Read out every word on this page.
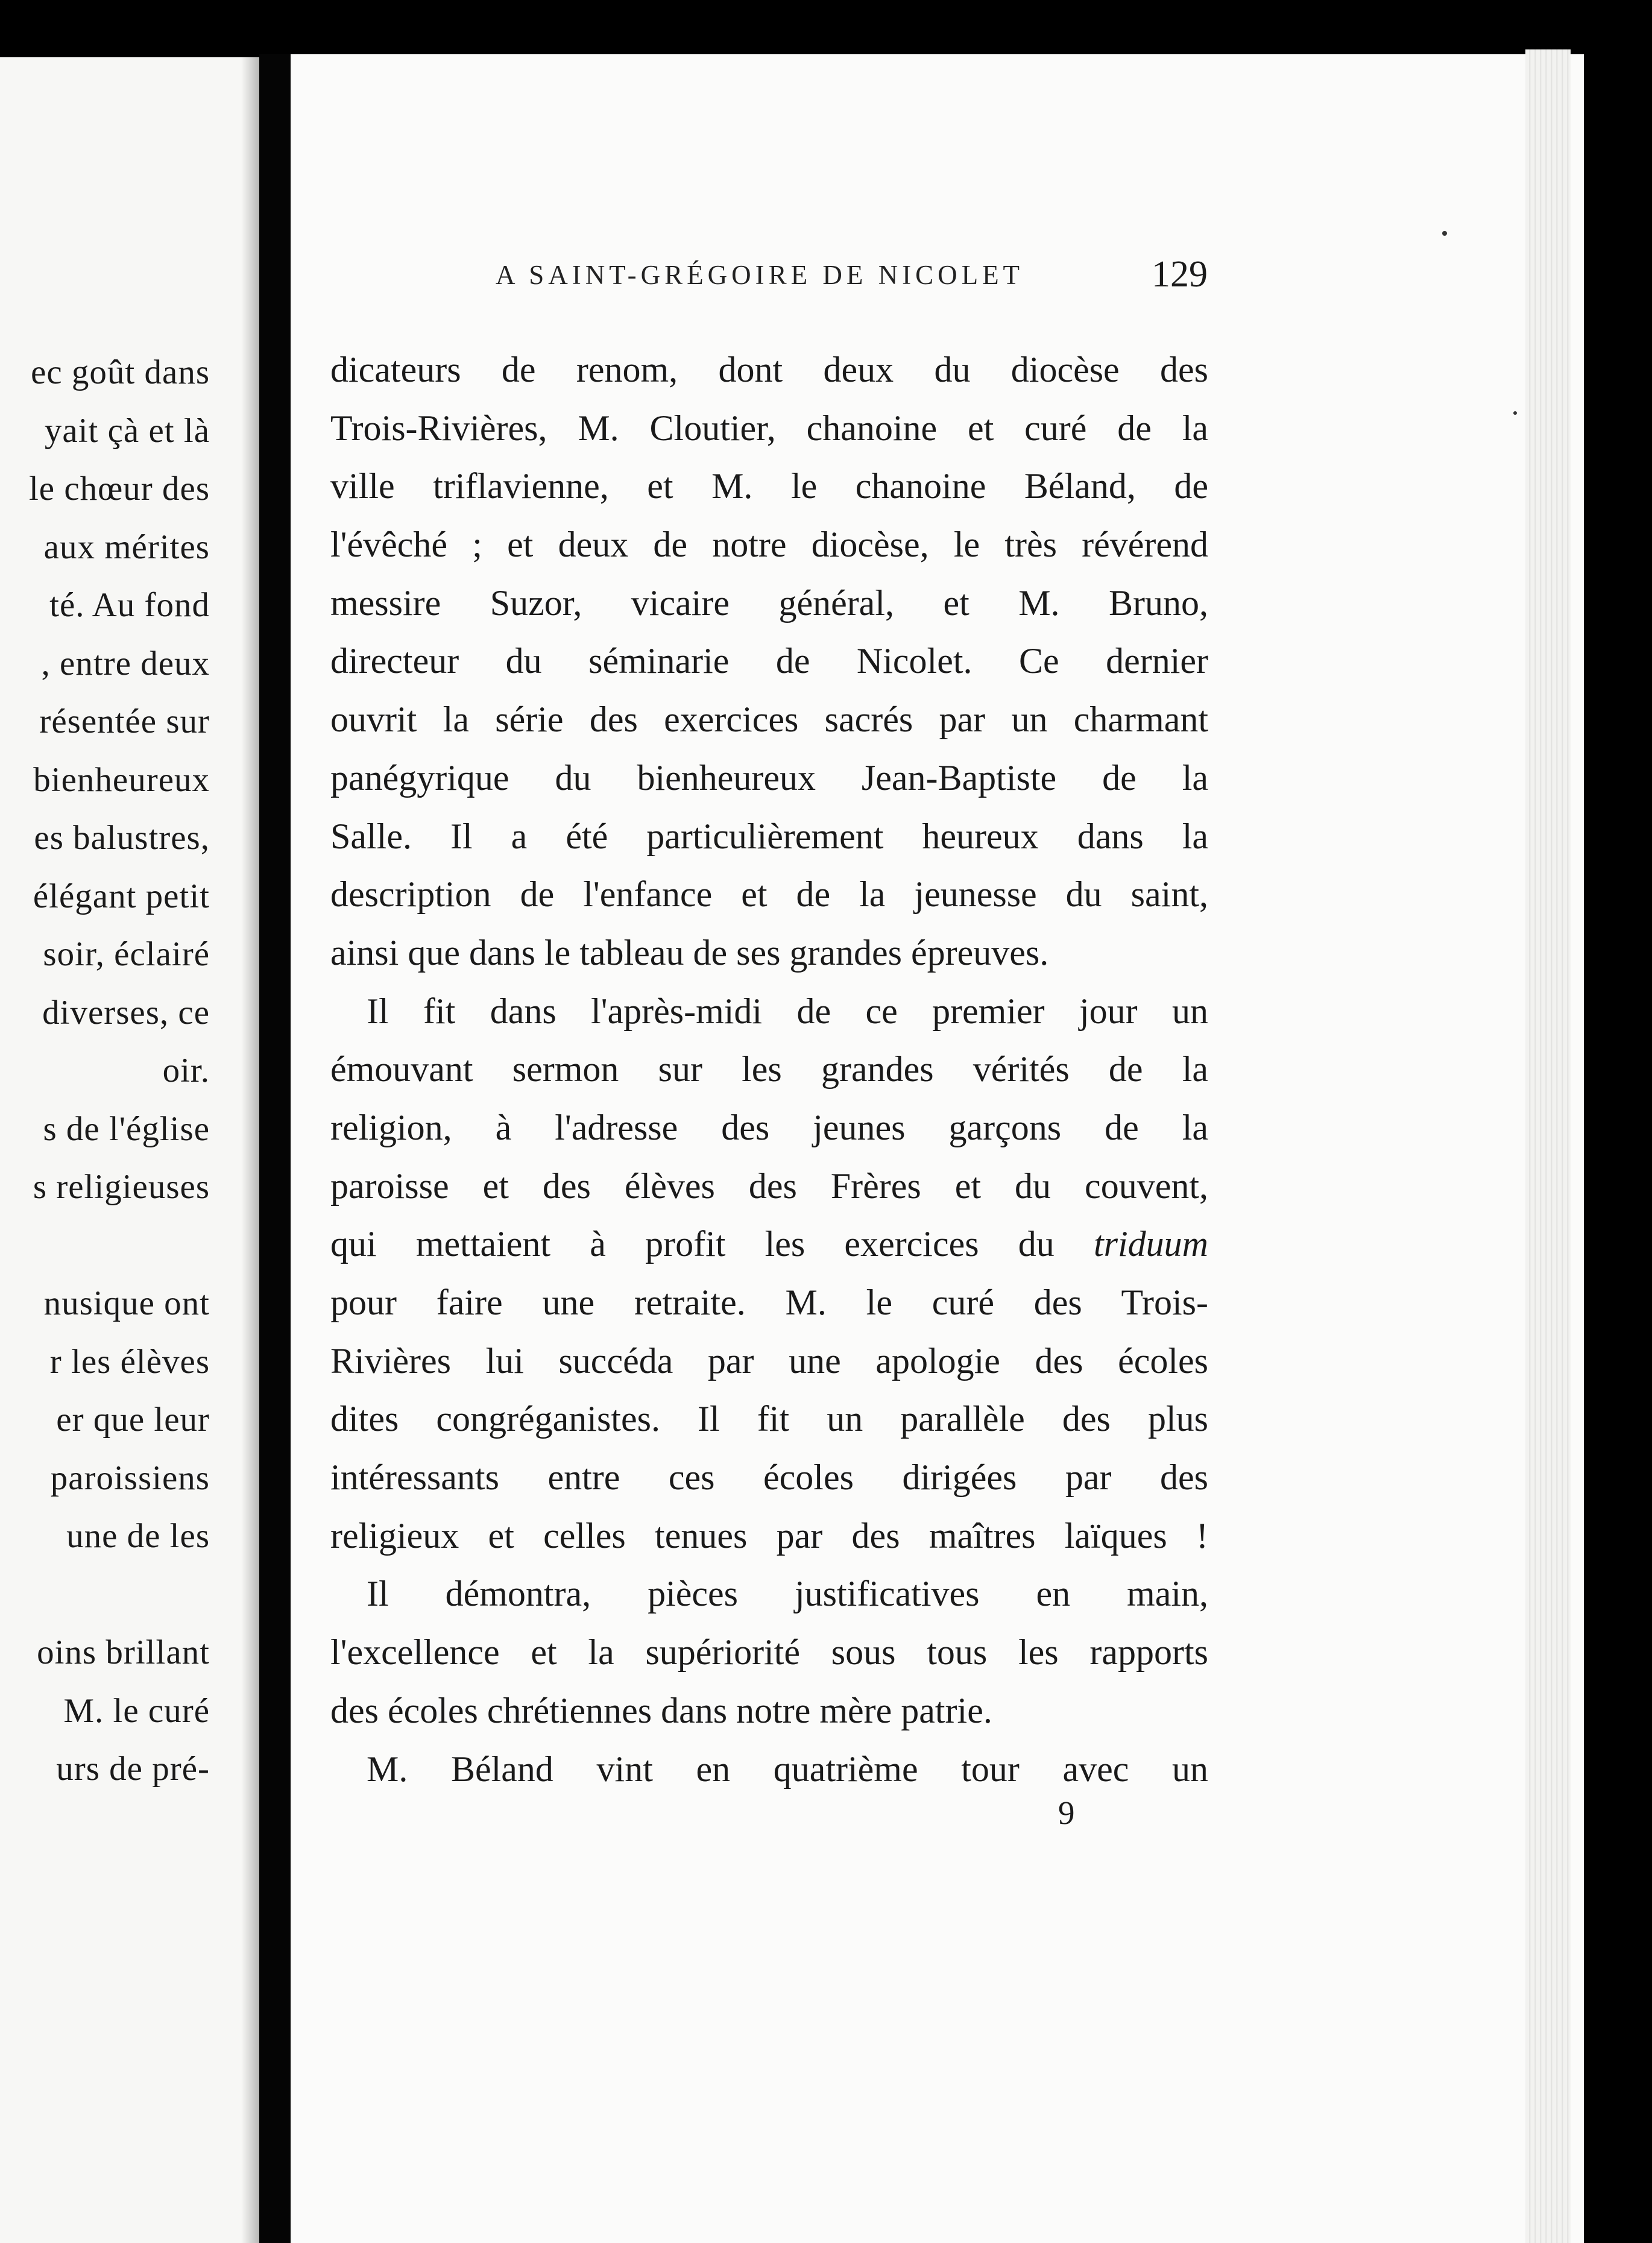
ec goût dans
yait çà et là
le chœur des
aux mérites
té. Au fond
, entre deux
résentée sur
bienheureux
es balustres,
élégant petit
soir, éclairé
diverses, ce
oir.
s de l'église
s religieuses
nusique ont
r les élèves
er que leur
paroissiens
une de les
oins brillant
M. le curé
urs de pré-
A SAINT-GRÉGOIRE DE NICOLET	129
dicateurs de renom, dont deux du diocèse des
Trois-Rivières, M. Cloutier, chanoine et curé de la
ville triflavienne, et M. le chanoine Béland, de
l'évêché ; et deux de notre diocèse, le très révérend
messire Suzor, vicaire général, et M. Bruno,
directeur du séminarie de Nicolet. Ce dernier
ouvrit la série des exercices sacrés par un charmant
panégyrique du bienheureux Jean-Baptiste de la
Salle. Il a été particulièrement heureux dans la
description de l'enfance et de la jeunesse du saint,
ainsi que dans le tableau de ses grandes épreuves.
Il fit dans l'après-midi de ce premier jour un
émouvant sermon sur les grandes vérités de la
religion, à l'adresse des jeunes garçons de la
paroisse et des élèves des Frères et du couvent,
qui mettaient à profit les exercices du triduum
pour faire une retraite. M. le curé des Trois-
Rivières lui succéda par une apologie des écoles
dites congréganistes. Il fit un parallèle des plus
intéressants entre ces écoles dirigées par des
religieux et celles tenues par des maîtres laïques !
Il démontra, pièces justificatives en main,
l'excellence et la supériorité sous tous les rapports
des écoles chrétiennes dans notre mère patrie.
M. Béland vint en quatrième tour avec un
9
